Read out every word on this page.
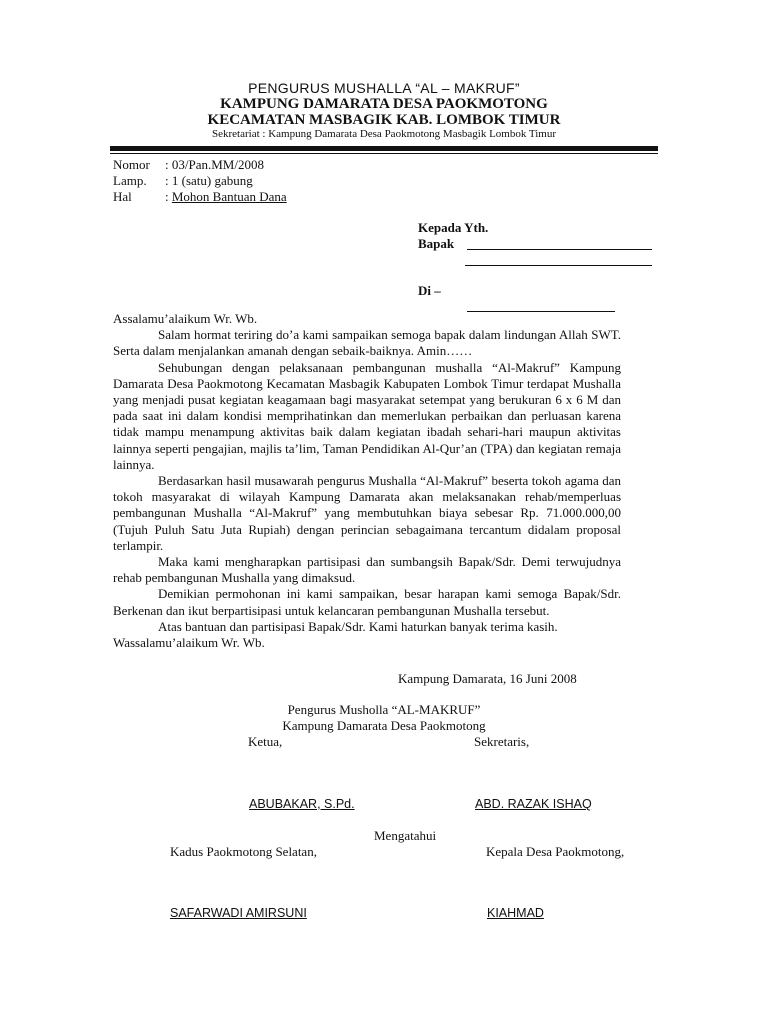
PENGURUS MUSHALLA “AL – MAKRUF”
KAMPUNG DAMARATA DESA PAOKMOTONG
KECAMATAN MASBAGIK KAB. LOMBOK TIMUR
Sekretariat : Kampung Damarata Desa Paokmotong Masbagik Lombok Timur
Nomor : 03/Pan.MM/2008
Lamp. : 1 (satu) gabung
Hal	: Mohon Bantuan Dana
Kepada Yth.
Bapak
Di –

Assalamu’alaikum Wr. Wb.

Salam hormat teriring do’a kami sampaikan semoga bapak dalam lindungan Allah SWT. Serta dalam menjalankan amanah dengan sebaik-baiknya. Amin……

Sehubungan dengan pelaksanaan pembangunan mushalla “Al-Makruf” Kampung Damarata Desa Paokmotong Kecamatan Masbagik Kabupaten Lombok Timur terdapat Mushalla yang menjadi pusat kegiatan keagamaan bagi masyarakat setempat yang berukuran 6 x 6 M dan pada saat ini dalam kondisi memprihatinkan dan memerlukan perbaikan dan perluasan karena tidak mampu menampung aktivitas baik dalam kegiatan ibadah sehari-hari maupun aktivitas lainnya seperti pengajian, majlis ta’lim, Taman Pendidikan Al-Qur’an (TPA) dan kegiatan remaja lainnya.

Berdasarkan hasil musawarah pengurus Mushalla “Al-Makruf” beserta tokoh agama dan tokoh masyarakat di wilayah Kampung Damarata akan melaksanakan rehab/memperluas pembangunan Mushalla “Al-Makruf” yang membutuhkan biaya sebesar Rp. 71.000.000,00 (Tujuh Puluh Satu Juta Rupiah) dengan perincian sebagaimana tercantum didalam proposal terlampir.

Maka kami mengharapkan partisipasi dan sumbangsih Bapak/Sdr. Demi terwujudnya rehab pembangunan Mushalla yang dimaksud.

Demikian permohonan ini kami sampaikan, besar harapan kami semoga Bapak/Sdr. Berkenan dan ikut berpartisipasi untuk kelancaran pembangunan Mushalla tersebut.

Atas bantuan dan partisipasi Bapak/Sdr. Kami haturkan banyak terima kasih.

Wassalamu’alaikum Wr. Wb.

Kampung Damarata, 16 Juni 2008
Pengurus Musholla “AL-MAKRUF”
Kampung Damarata Desa Paokmotong
Ketua,	Sekretaris,
ABUBAKAR, S.Pd.	ABD. RAZAK ISHAQ
Mengatahui
Kadus Paokmotong Selatan,	Kepala Desa Paokmotong,
SAFARWADI AMIRSUNI	KIAHMAD
